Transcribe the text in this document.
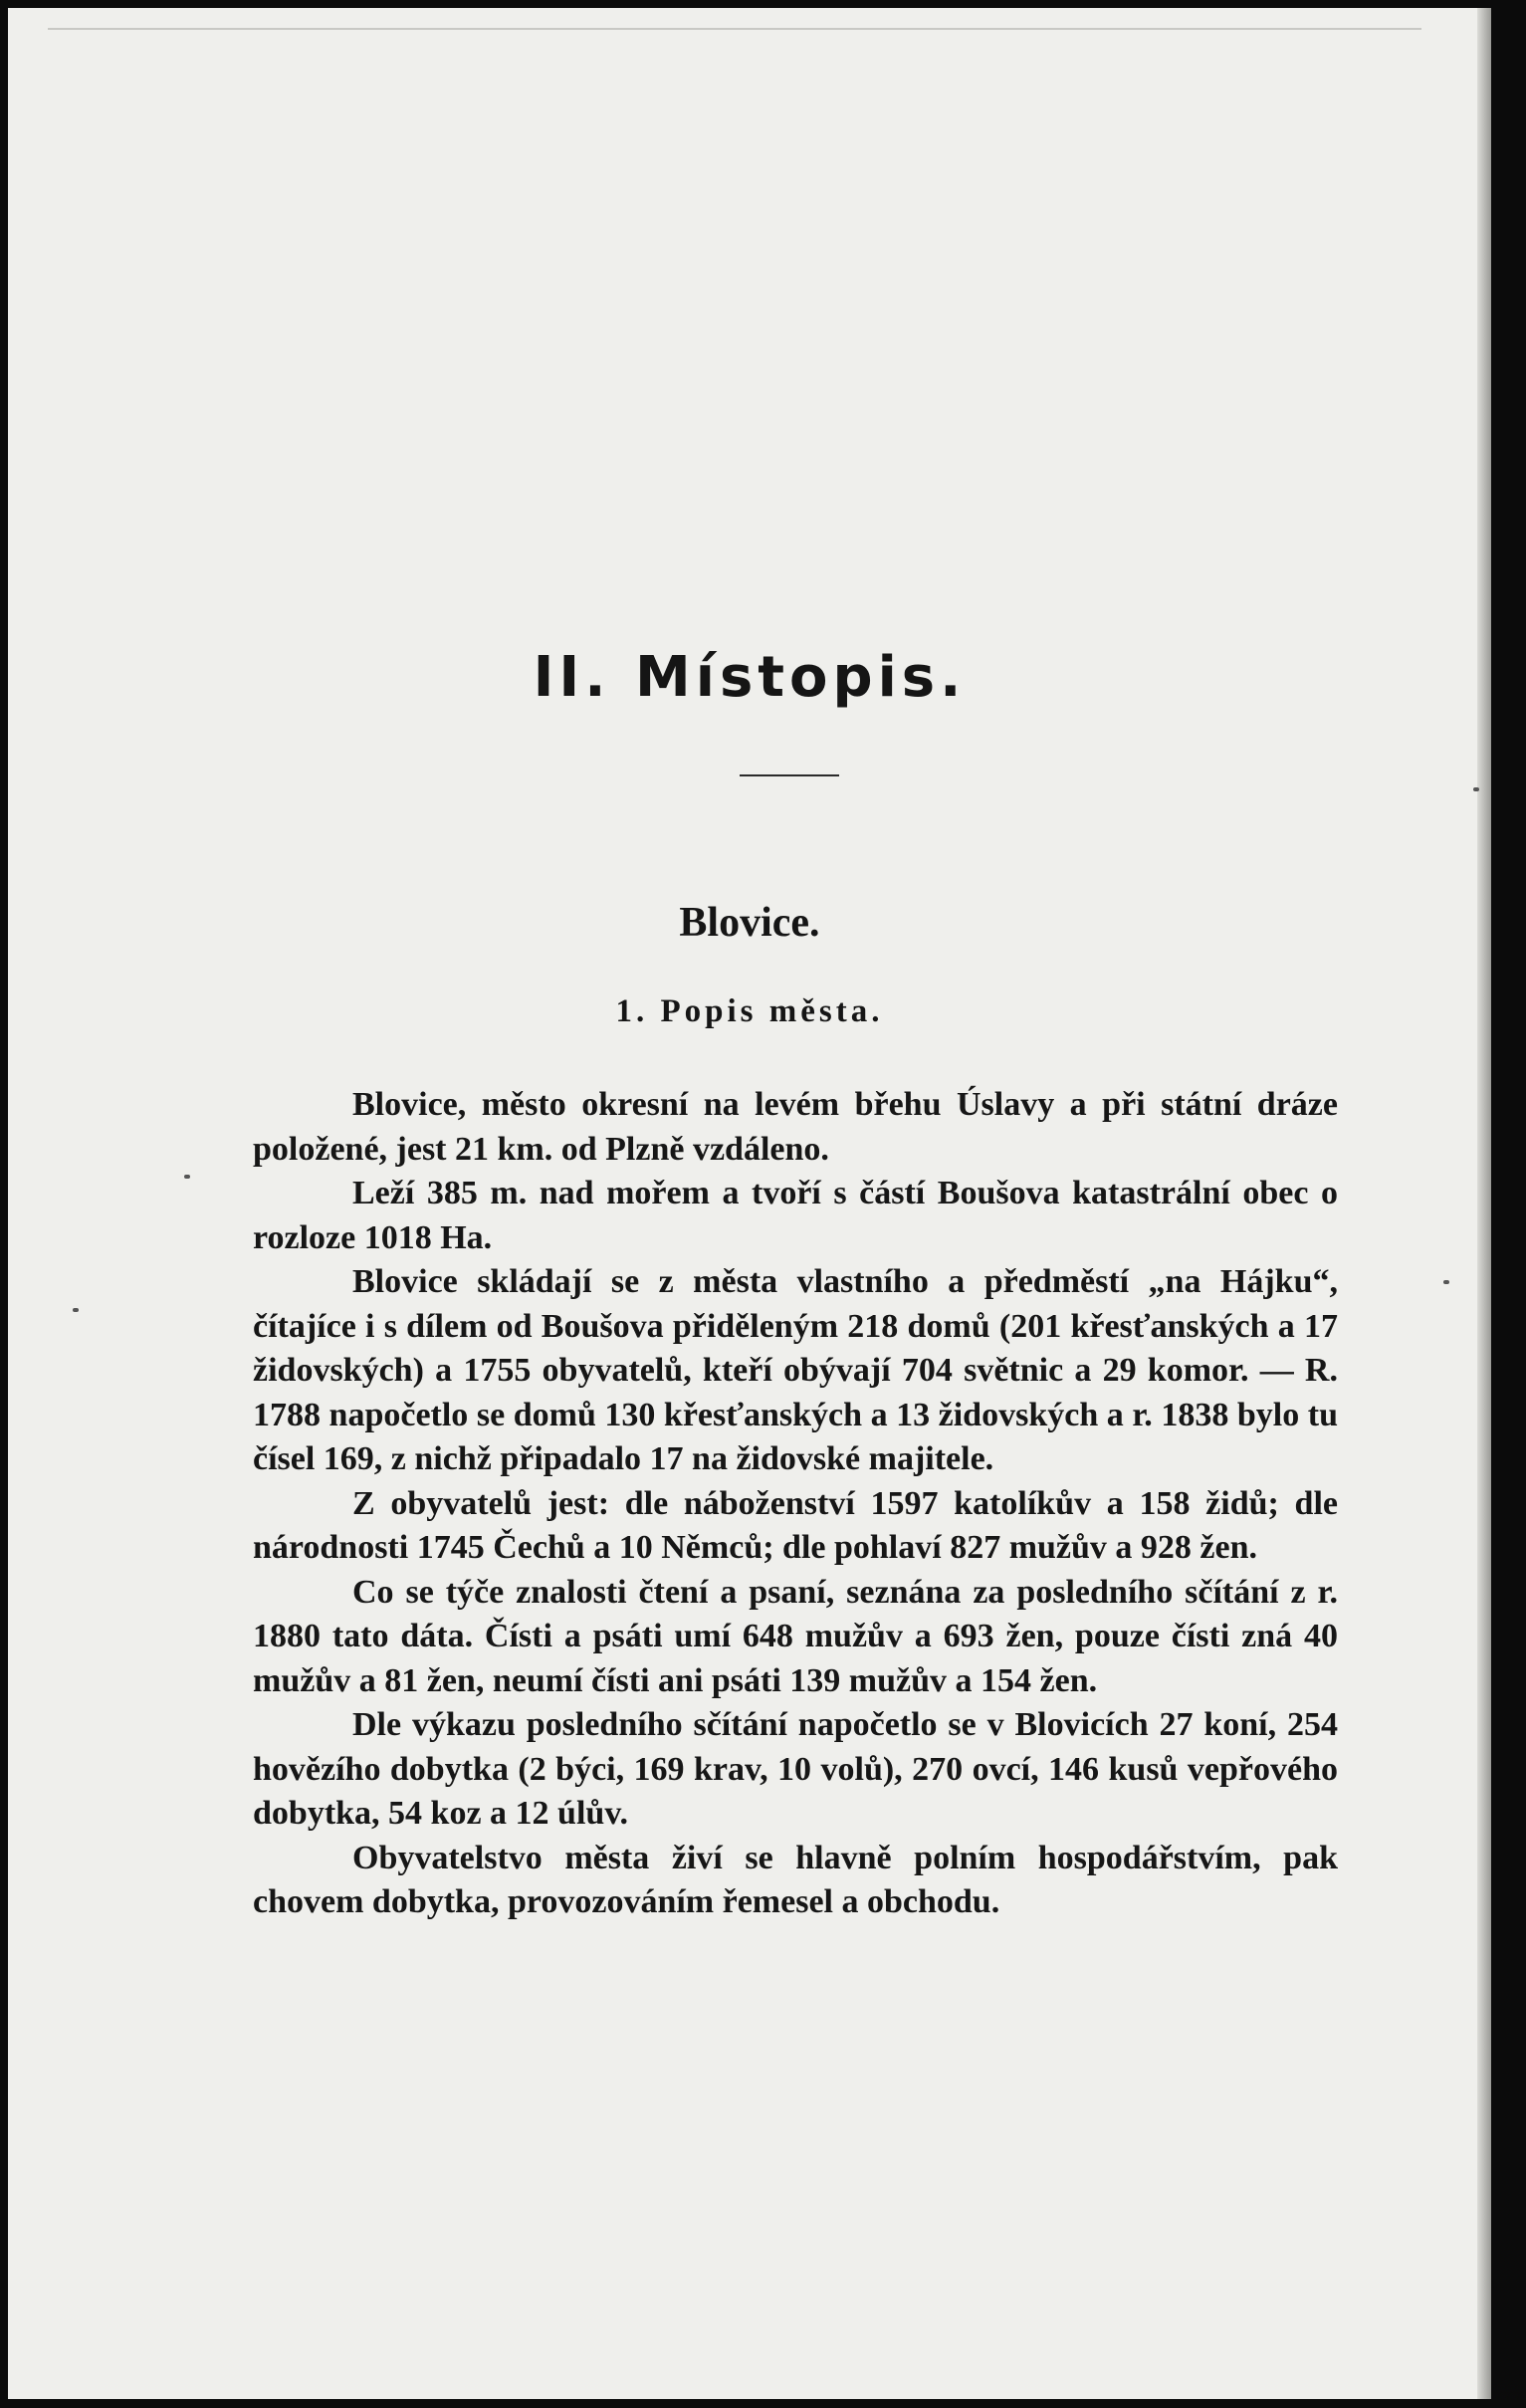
II. Místopis.
Blovice.
1. Popis města.

Blovice, město okresní na levém břehu Úslavy a při státní dráze položené, jest 21 km. od Plzně vzdáleno.

Leží 385 m. nad mořem a tvoří s částí Boušova katastrální obec o rozloze 1018 Ha.

Blovice skládají se z města vlastního a předměstí „na Hájku“, čítajíce i s dílem od Boušova přiděleným 218 domů (201 křesťanských a 17 židovských) a 1755 obyvatelů, kteří obývají 704 světnic a 29 komor. — R. 1788 napočetlo se domů 130 křesťanských a 13 židovských a r. 1838 bylo tu čísel 169, z nichž připadalo 17 na židovské majitele.

Z obyvatelů jest: dle náboženství 1597 katolíkův a 158 židů; dle národnosti 1745 Čechů a 10 Němců; dle pohlaví 827 mužův a 928 žen.

Co se týče znalosti čtení a psaní, seznána za posledního sčítání z r. 1880 tato dáta. Čísti a psáti umí 648 mužův a 693 žen, pouze čísti zná 40 mužův a 81 žen, neumí čísti ani psáti 139 mužův a 154 žen.

Dle výkazu posledního sčítání napočetlo se v Blovicích 27 koní, 254 hovězího dobytka (2 býci, 169 krav, 10 volů), 270 ovcí, 146 kusů vepřového dobytka, 54 koz a 12 úlův.

Obyvatelstvo města živí se hlavně polním hospodářstvím, pak chovem dobytka, provozováním řemesel a obchodu.
